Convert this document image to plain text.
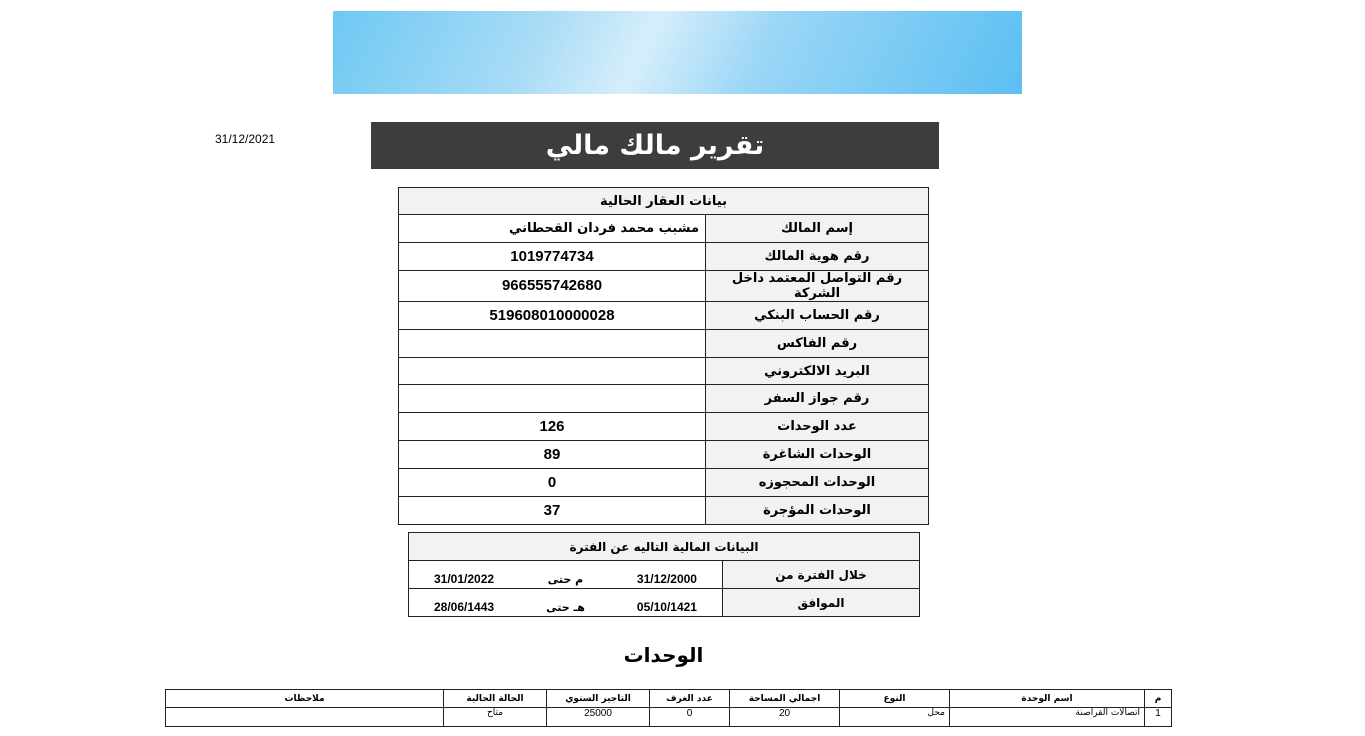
31/12/2021	تقرير مالك مالي
بيانات العقار الحالية	
إسم المالك	مشبب محمد فردان القحطاني
رقم هوية المالك	1019774734
رقم التواصل المعتمد داخل الشركة	966555742680
رقم الحساب البنكي	519608010000028
رقم الفاكس	
البريد الالكتروني	
رقم جواز السفر	
عدد الوحدات	126
الوحدات الشاغرة	89
الوحدات المحجوزه	0
الوحدات المؤجرة	37
البيانات المالية التاليه عن الفترة	
خلال الفترة من	31/01/2022 م حتى 31/12/2000

الموافق	28/06/1443 هـ حتى 05/10/1421
الوحدات
م	اسم الوحدة	النوع	اجمالي المساحة	عدد الغرف	التاجير السنوي	الحالة الحالية	ملاحظات
1	اتصالات القراصنة	محل	20	0	25000	متاح	
